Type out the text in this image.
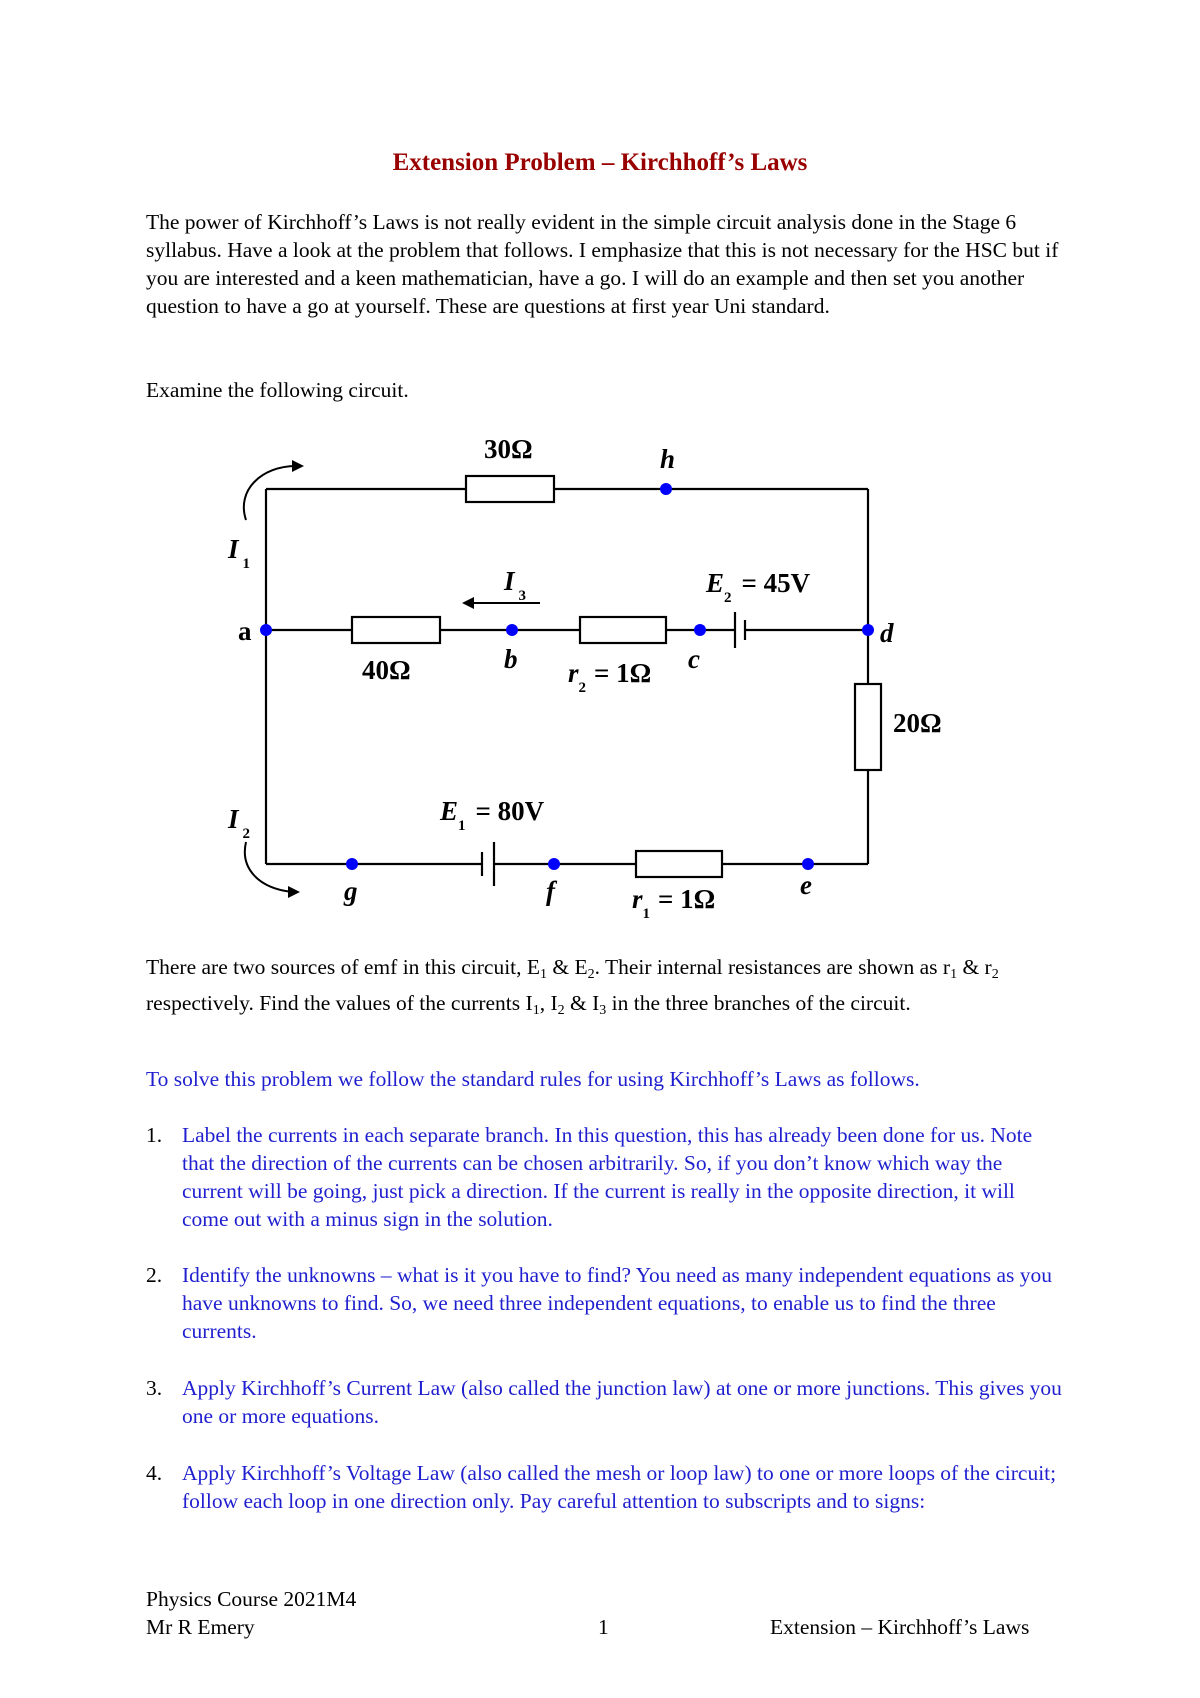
Extension Problem – Kirchhoff’s Laws

The power of Kirchhoff’s Laws is not really evident in the simple circuit analysis done in the Stage 6 syllabus. Have a look at the problem that follows. I emphasize that this is not necessary for the HSC but if you are interested and a keen mathematician, have a go. I will do an example and then set you another question to have a go at yourself. These are questions at first year Uni standard.

Examine the following circuit.

30Ω
40Ω
20Ω
r2 = 1Ω
r1 = 1Ω
E2 = 45V
E1 = 80V
I 1
I 2
I 3
a
b	c
d
h
g	f	e

There are two sources of emf in this circuit, $E_1$ & $E_2$. Their internal resistances are shown as $r_1$ & $r_2$ respectively. Find the values of the currents $I_1$, $I_2$ & $I_3$ in the three branches of the circuit.

To solve this problem we follow the standard rules for using Kirchhoff’s Laws as follows.

1. Label the currents in each separate branch. In this question, this has already been done for us. Note that the direction of the currents can be chosen arbitrarily. So, if you don’t know which way the current will be going, just pick a direction. If the current is really in the opposite direction, it will come out with a minus sign in the solution.
2. Identify the unknowns – what is it you have to find? You need as many independent equations as you have unknowns to find. So, we need three independent equations, to enable us to find the three currents.
3. Apply Kirchhoff’s Current Law (also called the junction law) at one or more junctions. This gives you one or more equations.
4. Apply Kirchhoff’s Voltage Law (also called the mesh or loop law) to one or more loops of the circuit; follow each loop in one direction only. Pay careful attention to subscripts and to signs:
Physics Course 2021M4
Mr R Emery	1	Extension – Kirchhoff’s Laws
